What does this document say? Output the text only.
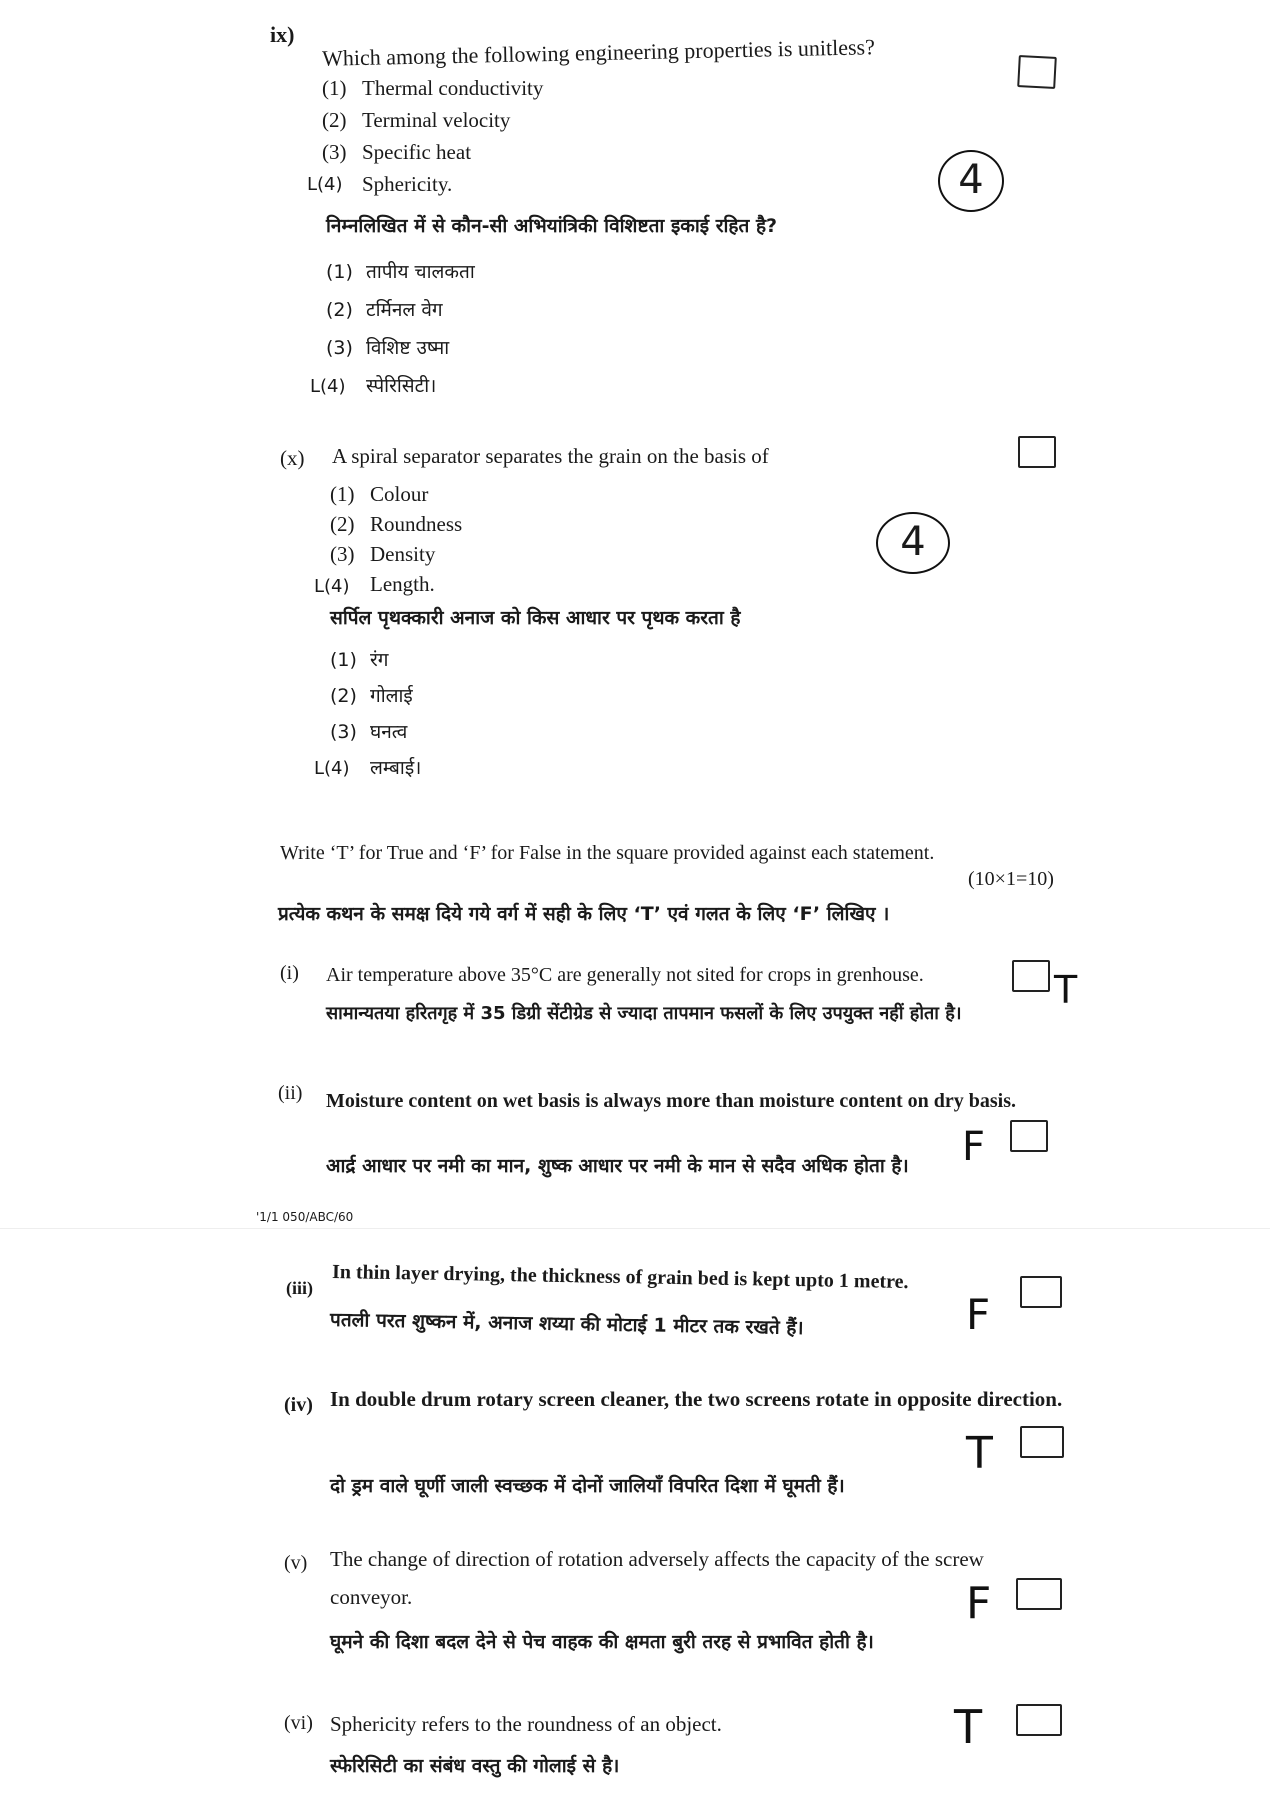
ix) Which among the following engineering properties is unitless?
(1) Thermal conductivity
(2) Terminal velocity
(3) Specific heat
Sphericity.
L(4)
निम्नलिखित में से कौन-सी अभियांत्रिकी विशिष्टता इकाई रहित है?
(1) तापीय चालकता
(2) टर्मिनल वेग
(3) विशिष्ट उष्मा
स्पेरिसिटी।
L(4)
4
(x) A spiral separator separates the grain on the basis of
(1) Colour
(2) Roundness
(3) Density
Length.
L(4)
सर्पिल पृथक्कारी अनाज को किस आधार पर पृथक करता है
(1) रंग
(2) गोलाई
(3) घनत्व
लम्बाई।
L(4)
4
Write ‘T’ for True and ‘F’ for False in the square provided against each statement.
(10×1=10)
प्रत्येक कथन के समक्ष दिये गये वर्ग में सही के लिए ‘T’ एवं गलत के लिए ‘F’ लिखिए ।
(i) Air temperature above 35°C are generally not sited for crops in grenhouse.
सामान्यतया हरितगृह में 35 डिग्री सेंटीग्रेड से ज्यादा तापमान फसलों के लिए उपयुक्त नहीं होता है।
T
(ii) Moisture content on wet basis is always more than moisture content on dry basis.
आर्द्र आधार पर नमी का मान, शुष्क आधार पर नमी के मान से सदैव अधिक होता है। F
'1/1 050/ABC/60
(iii) In thin layer drying, the thickness of grain bed is kept upto 1 metre.
पतली परत शुष्कन में, अनाज शय्या की मोटाई 1 मीटर तक रखते हैं।	F
(iv) In double drum rotary screen cleaner, the two screens rotate in opposite direction.
दो ड्रम वाले घूर्णी जाली स्वच्छक में दोनों जालियाँ विपरित दिशा में घूमती हैं।
T
(v) The change of direction of rotation adversely affects the capacity of the screw conveyor.
घूमने की दिशा बदल देने से पेच वाहक की क्षमता बुरी तरह से प्रभावित होती है।
F
(vi) Sphericity refers to the roundness of an object.
स्फेरिसिटी का संबंध वस्तु की गोलाई से है।
T
